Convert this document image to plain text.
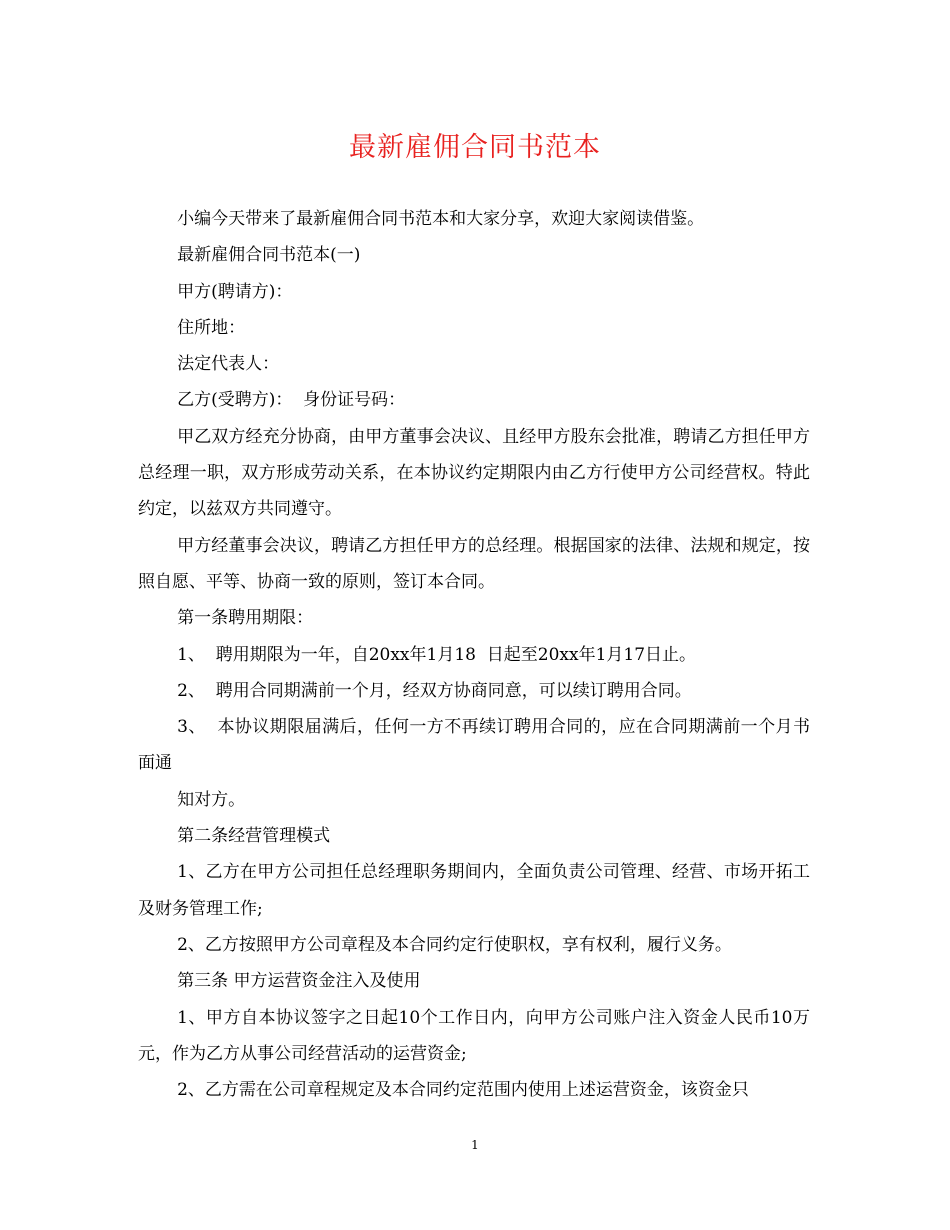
最新雇佣合同书范本

小编今天带来了最新雇佣合同书范本和大家分享，欢迎大家阅读借鉴。

最新雇佣合同书范本(一)

甲方(聘请方)：

住所地：

法定代表人：

乙方(受聘方)：  身份证号码：

甲乙双方经充分协商，由甲方董事会决议、且经甲方股东会批准，聘请乙方担任甲方总经理一职，双方形成劳动关系，在本协议约定期限内由乙方行使甲方公司经营权。特此约定，以兹双方共同遵守。

甲方经董事会决议，聘请乙方担任甲方的总经理。根据国家的法律、法规和规定，按照自愿、平等、协商一致的原则，签订本合同。

第一条聘用期限：

1、  聘用期限为一年，自20xx年1月18  日起至20xx年1月17日止。

2、  聘用合同期满前一个月，经双方协商同意，可以续订聘用合同。

3、  本协议期限届满后，任何一方不再续订聘用合同的，应在合同期满前一个月书面通

知对方。

第二条经营管理模式

1、乙方在甲方公司担任总经理职务期间内，全面负责公司管理、经营、市场开拓工及财务管理工作;

2、乙方按照甲方公司章程及本合同约定行使职权，享有权利，履行义务。

第三条 甲方运营资金注入及使用

1、甲方自本协议签字之日起10个工作日内，向甲方公司账户注入资金人民币10万元，作为乙方从事公司经营活动的运营资金;

2、乙方需在公司章程规定及本合同约定范围内使用上述运营资金，该资金只

1
